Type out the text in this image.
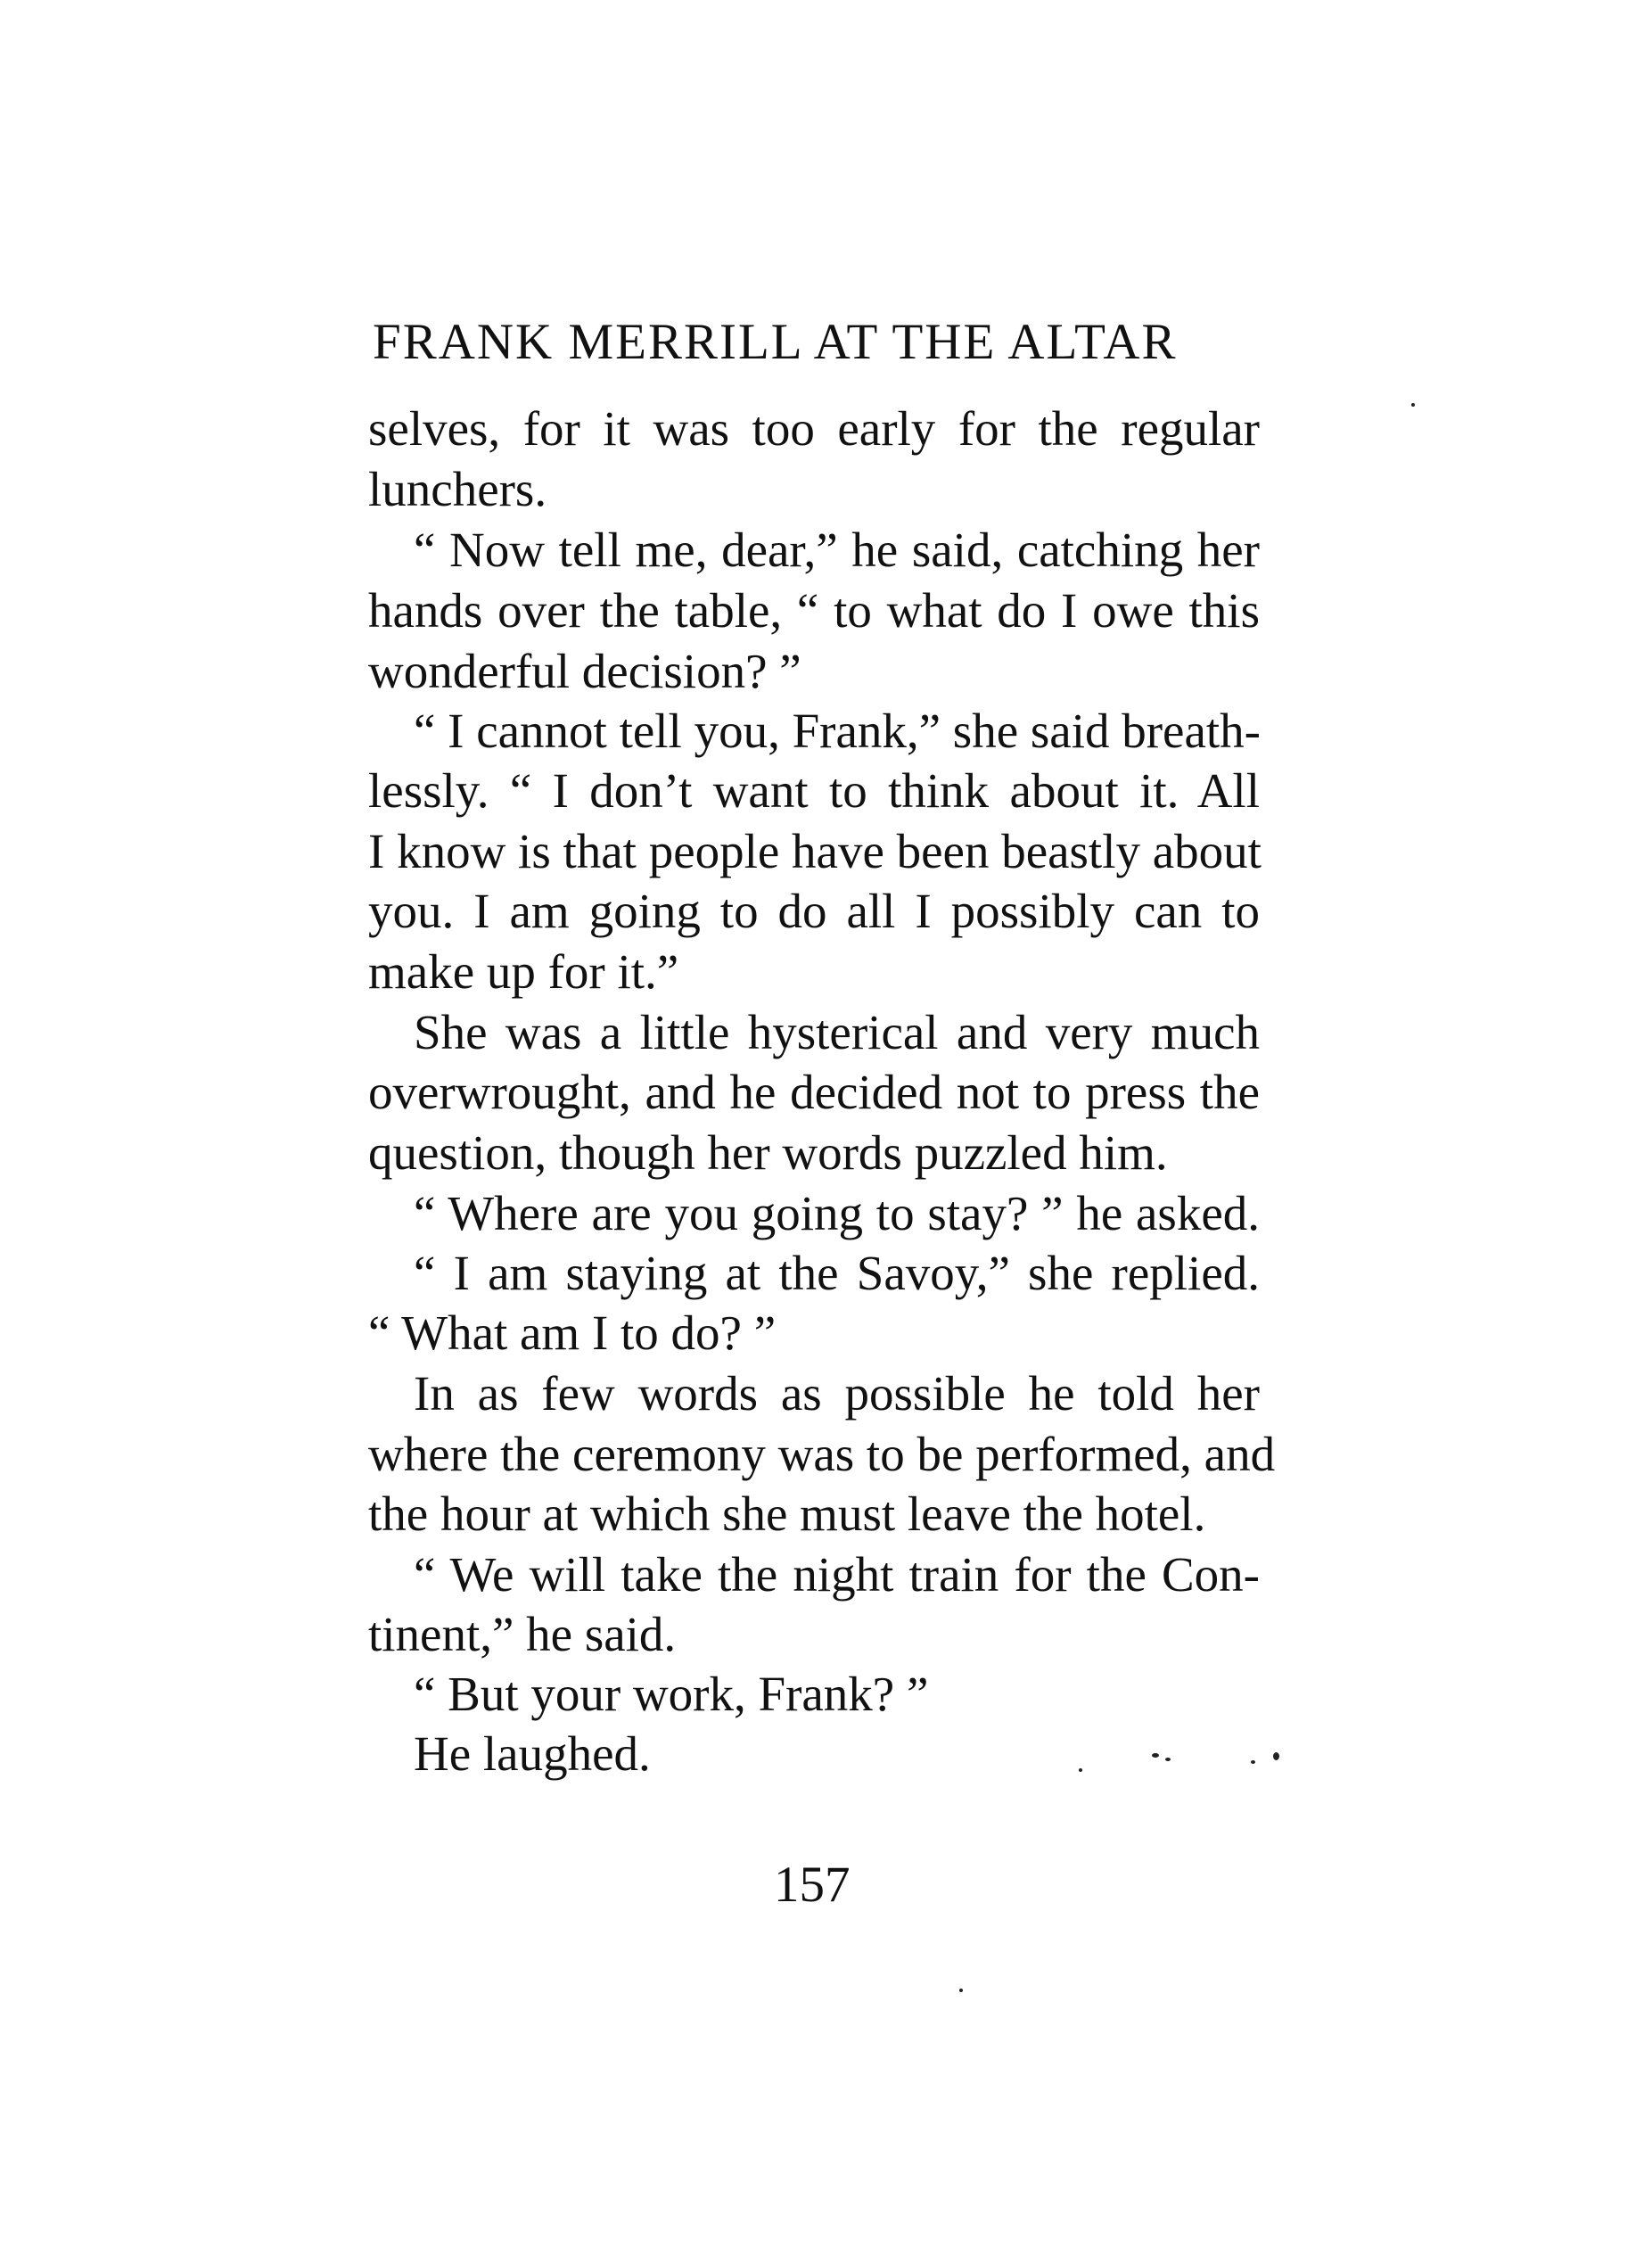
FRANK MERRILL AT THE ALTAR
selves, for it was too early for the regular
lunchers.
“ Now tell me, dear,” he said, catching her
hands over the table, “ to what do I owe this
wonderful decision? ”
“ I cannot tell you, Frank,” she said breath-
lessly. “ I don’t want to think about it. All
I know is that people have been beastly about
you. I am going to do all I possibly can to
make up for it.”
She was a little hysterical and very much
overwrought, and he decided not to press the
question, though her words puzzled him.
“ Where are you going to stay? ” he asked.
“ I am staying at the Savoy,” she replied.
“ What am I to do? ”
In as few words as possible he told her
where the ceremony was to be performed, and
the hour at which she must leave the hotel.
“ We will take the night train for the Con-
tinent,” he said.
“ But your work, Frank? ”
He laughed.
157
